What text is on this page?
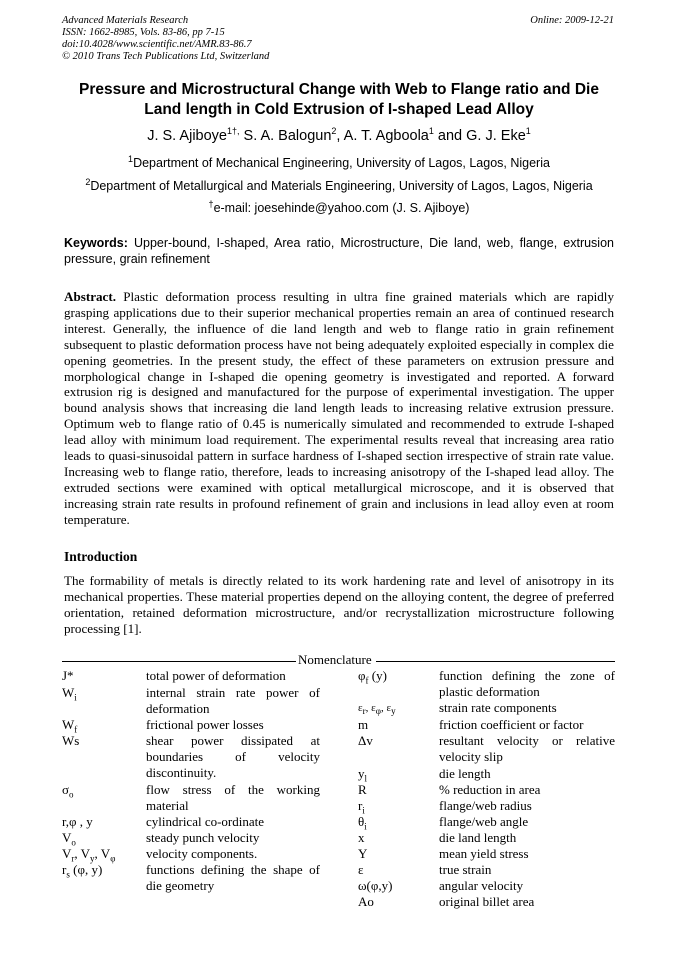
Advanced Materials Research
ISSN: 1662-8985, Vols. 83-86, pp 7-15
doi:10.4028/www.scientific.net/AMR.83-86.7
© 2010 Trans Tech Publications Ltd, Switzerland
Online: 2009-12-21
Pressure and Microstructural Change with Web to Flange ratio and Die
Land length in Cold Extrusion of I-shaped Lead Alloy
J. S. Ajiboye$^{1\dagger,}$ S. A. Balogun$^2$, A. T. Agboola$^1$ and G. J. Eke$^1$
$^1$Department of Mechanical Engineering, University of Lagos, Lagos, Nigeria
$^2$Department of Metallurgical and Materials Engineering, University of Lagos, Lagos, Nigeria
†e-mail: joesehinde@yahoo.com (J. S. Ajiboye)
Keywords: Upper-bound, I-shaped, Area ratio, Microstructure, Die land, web, flange, extrusion pressure, grain refinement
Abstract. Plastic deformation process resulting in ultra fine grained materials which are rapidly grasping applications due to their superior mechanical properties remain an area of continued research interest. Generally, the influence of die land length and web to flange ratio in grain refinement subsequent to plastic deformation process have not being adequately exploited especially in complex die opening geometries. In the present study, the effect of these parameters on extrusion pressure and morphological change in I-shaped die opening geometry is investigated and reported. A forward extrusion rig is designed and manufactured for the purpose of experimental investigation. The upper bound analysis shows that increasing die land length leads to increasing relative extrusion pressure. Optimum web to flange ratio of 0.45 is numerically simulated and recommended to extrude I-shaped lead alloy with minimum load requirement. The experimental results reveal that increasing area ratio leads to quasi-sinusoidal pattern in surface hardness of I-shaped section irrespective of strain rate value. Increasing web to flange ratio, therefore, leads to increasing anisotropy of the I-shaped lead alloy. The extruded sections were examined with optical metallurgical microscope, and it is observed that increasing strain rate results in profound refinement of grain and inclusions in lead alloy even at room temperature.
Introduction
The formability of metals is directly related to its work hardening rate and level of anisotropy in its mechanical properties. These material properties depend on the alloying content, the degree of preferred orientation, retained deformation microstructure, and/or recrystallization microstructure following processing [1].
Nomenclature
J*	total power of deformation
$W_i$	internal strain rate power of deformation
$W_f$	frictional power losses
Ws	shear power dissipated at boundaries of velocity discontinuity.
$\sigma_o$	flow stress of the working material
r,φ , y	cylindrical co-ordinate
$V_o$	steady punch velocity
$V_r$, $V_y$, $V_\varphi$ velocity components.
$r_s$ (φ, y)	functions defining the shape of die geometry
$\varphi_f$ (y)	function defining the zone of plastic deformation
$\varepsilon_r$, $\varepsilon_\varphi$, $\varepsilon_y$	strain rate components
m	friction coefficient or factor
Δv	resultant velocity or relative velocity slip
$y_l$	die length
R	% reduction in area
$r_i$	flange/web radius
$\theta_i$	flange/web angle
x	die land length
Y	mean yield stress
ε	true strain
ω(φ,y)	angular velocity
Ao	original billet area
